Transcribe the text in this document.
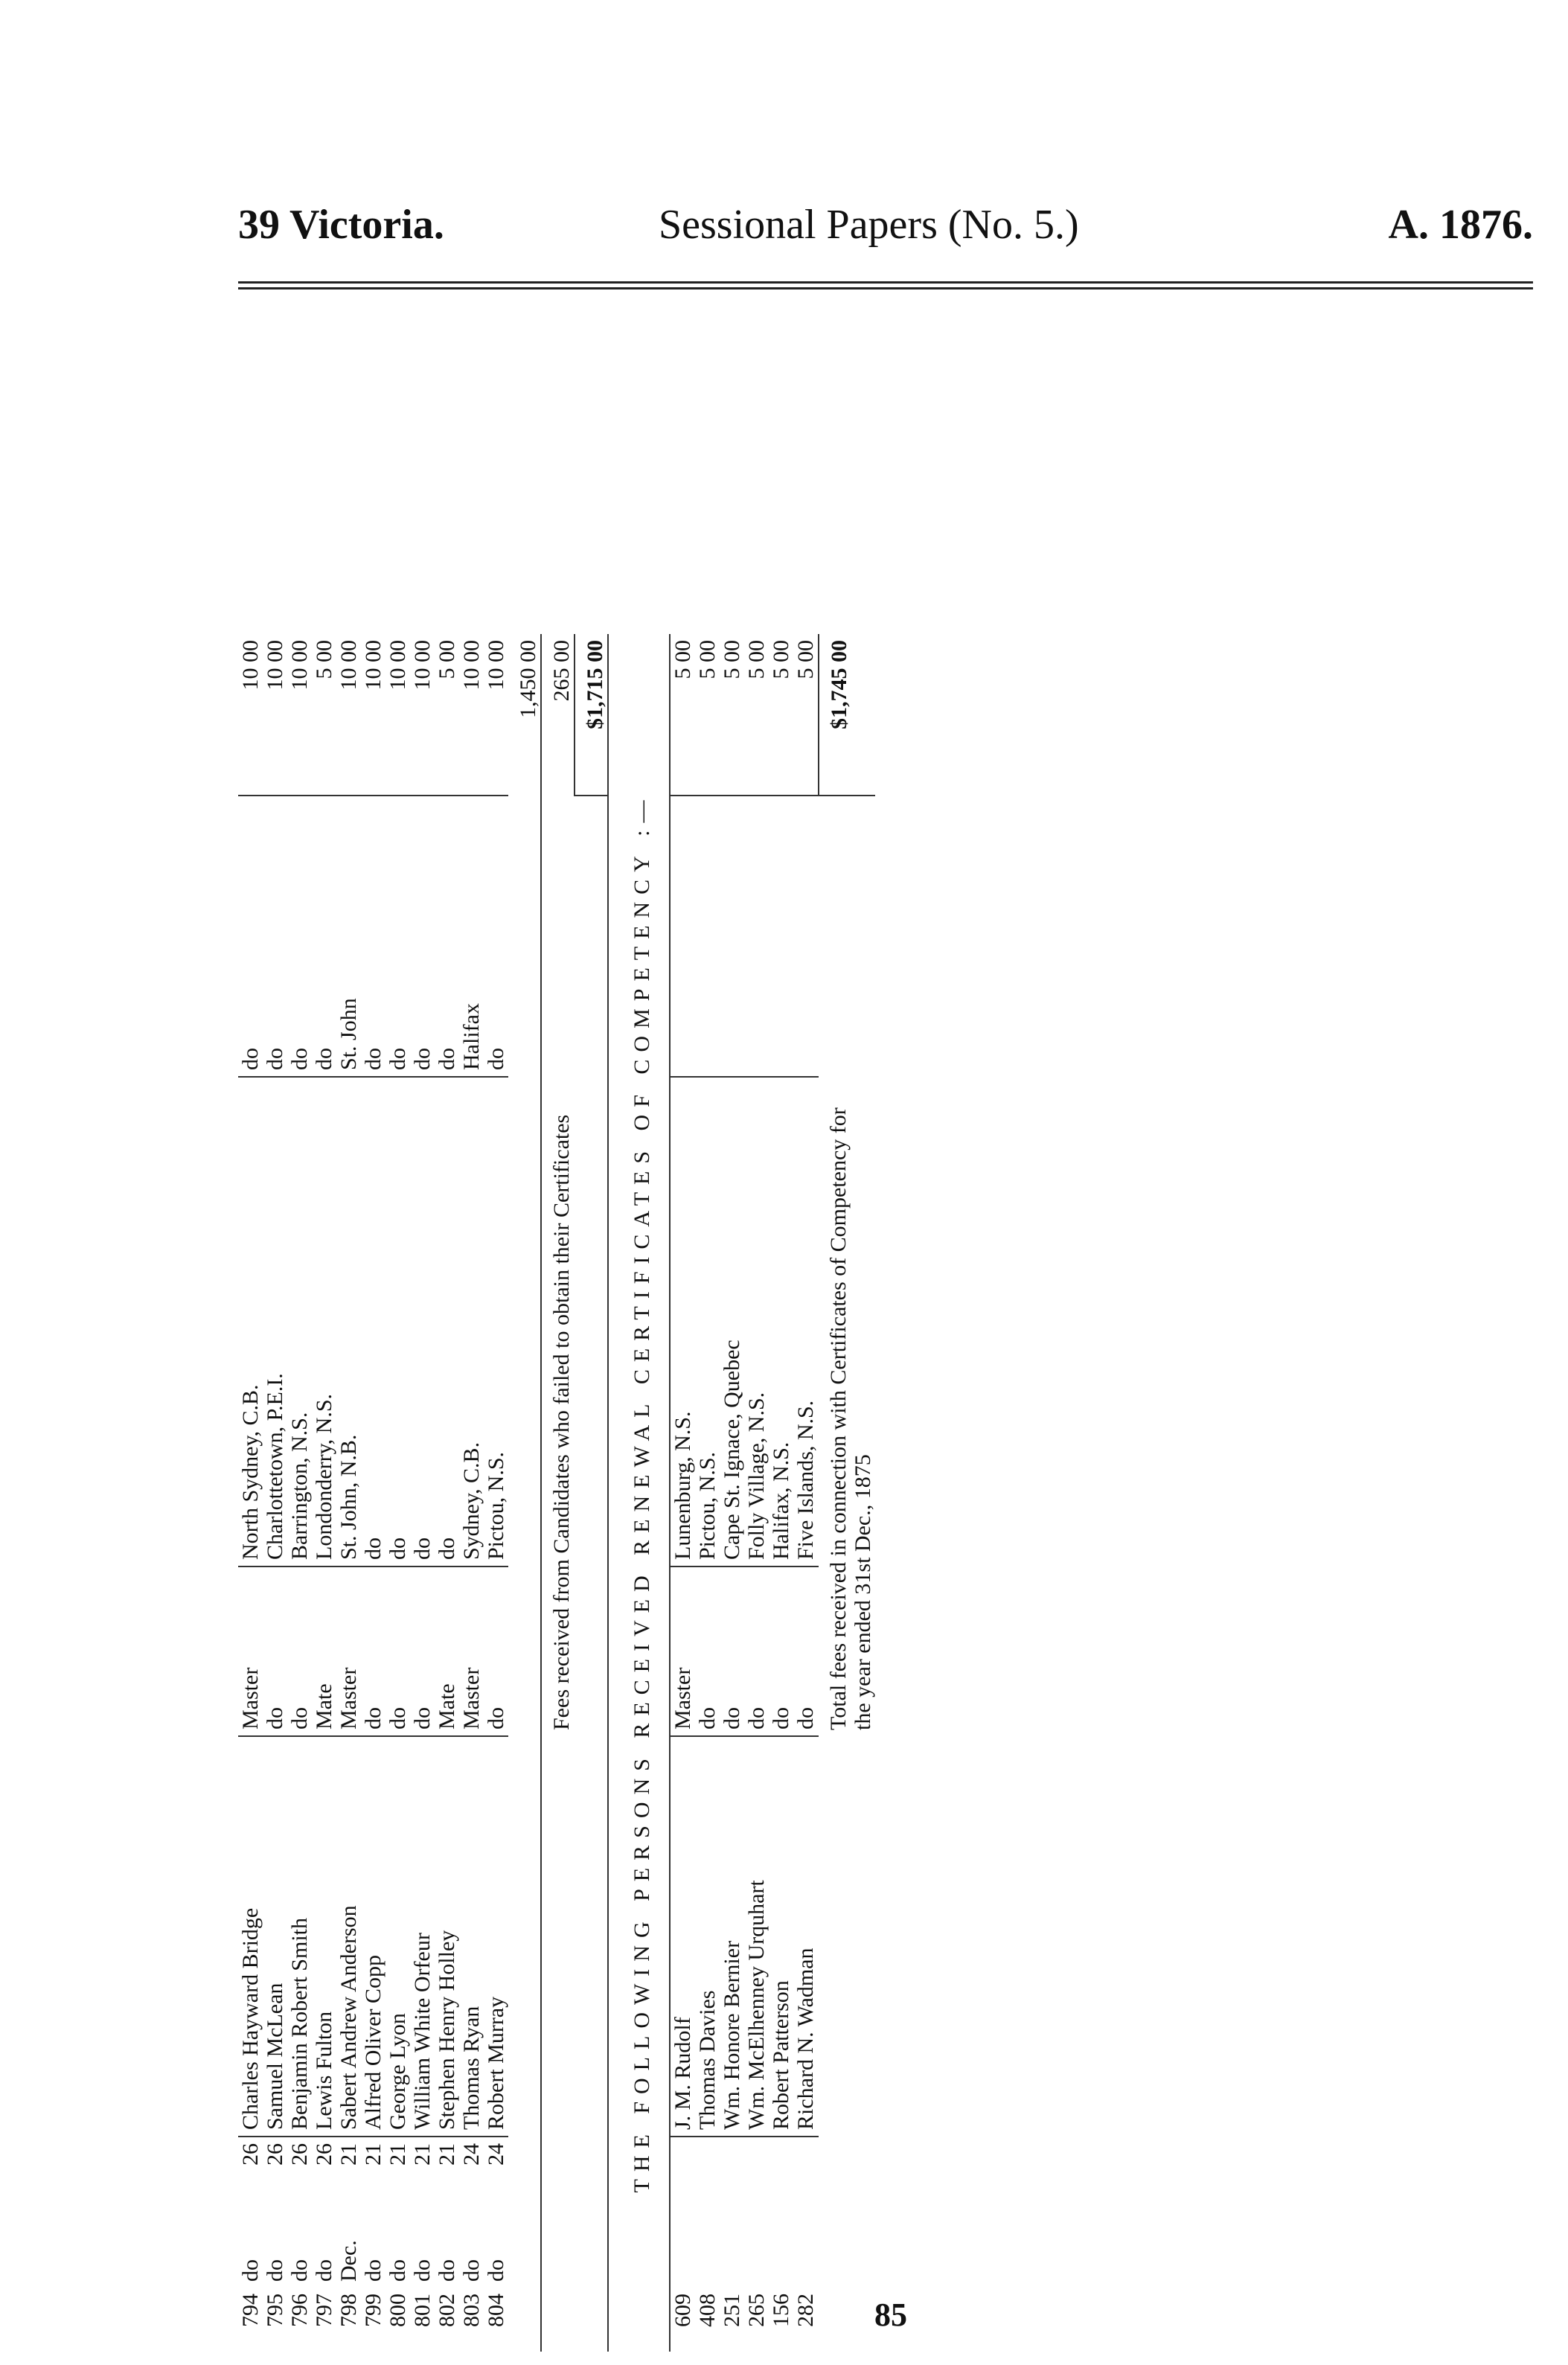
39 Victoria.	Sessional Papers (No. 5.)	A. 1876.
794	do	26	Charles Hayward Bridge	Master	North Sydney, C.B.	do	10 00
795	do	26	Samuel McLean	do	Charlottetown, P.E.I.	do	10 00
796	do	26	Benjamin Robert Smith	do	Barrington, N.S.	do	10 00
797	do	26	Lewis Fulton	Mate	Londonderry, N.S.	do	5 00
798	Dec.	21	Sabert Andrew Anderson	Master	St. John, N.B.	St. John	10 00
799	do	21	Alfred Oliver Copp	do	do	do	10 00
800	do	21	George Lyon	do	do	do	10 00
801	do	21	William White Orfeur	do	do	do	10 00
802	do	21	Stephen Henry Holley	Mate	do	do	5 00
803	do	24	Thomas Ryan	Master	Sydney, C.B.	Halifax	10 00
804	do	24	Robert Murray	do	Pictou, N.S.	do	10 00
							1,450 00
				Fees received from Candidates who failed to obtain their Certificates			265 00
							$1,715 00
THE FOLLOWING PERSONS RECEIVED RENEWAL CERTIFICATES OF COMPETENCY :—							
609			J. M. Rudolf	Master	Lunenburg, N.S.		5 00
408			Thomas Davies	do	Pictou, N.S.		5 00
251			Wm. Honore Bernier	do	Cape St. Ignace, Quebec		5 00
265			Wm. McElhenney Urquhart	do	Folly Village, N.S.		5 00
156			Robert Patterson	do	Halifax, N.S.		5 00
282			Richard N. Wadman	do	Five Islands, N.S.		5 00
				Total fees received in connection with Certificates of Competency for the year ended 31st Dec., 1875			$1,745 00
85
